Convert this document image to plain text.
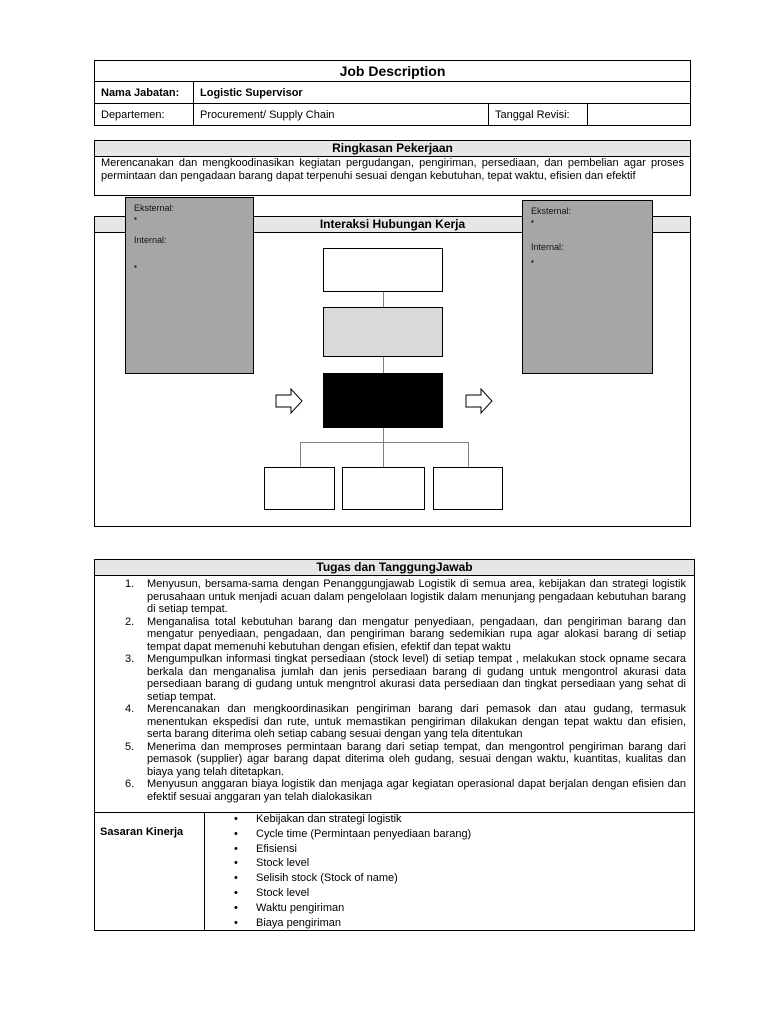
Job Description			
Nama Jabatan:	Logistic Supervisor		
Departemen:	Procurement/ Supply Chain	Tanggal Revisi:	
Ringkasan Pekerjaan
Merencanakan dan mengkoodinasikan kegiatan pergudangan, pengiriman, persediaan, dan pembelian agar proses permintaan dan pengadaan barang dapat terpenuhi sesuai dengan kebutuhan, tepat waktu, efisien dan efektif
Interaksi Hubungan Kerja
Eksternal:
▪
Internal:
▪
Eksternal:
▪
Internal:
▪
Tugas dan TanggungJawab
1. Menyusun, bersama-sama dengan Penanggungjawab Logistik di semua area, kebijakan dan strategi logistik perusahaan untuk menjadi acuan dalam pengelolaan logistik dalam menunjang pengadaan kebutuhan barang di setiap tempat.
2. Menganalisa total kebutuhan barang dan mengatur penyediaan, pengadaan, dan pengiriman barang dan mengatur penyediaan, pengadaan, dan pengiriman barang sedemikian rupa agar alokasi barang di setiap tempat dapat memenuhi kebutuhan dengan efisien, efektif dan tepat waktu
3. Mengumpulkan informasi tingkat persediaan (stock level) di setiap tempat , melakukan stock opname secara berkala dan menganalisa jumlah dan jenis persediaan barang di gudang untuk mengontrol akurasi data persediaan barang di gudang untuk mengntrol akurasi data persediaan dan tingkat persediaan yang sehat di setiap tempat.
4. Merencanakan dan mengkoordinasikan pengiriman barang dari pemasok dan atau gudang, termasuk menentukan ekspedisi dan rute, untuk memastikan pengiriman dilakukan dengan tepat waktu dan efisien, serta barang diterima oleh setiap cabang sesuai dengan yang tela ditentukan
5. Menerima dan memproses permintaan barang dari setiap tempat, dan mengontrol pengiriman barang dari pemasok (supplier) agar barang dapat diterima oleh gudang, sesuai dengan waktu, kuantitas, kualitas dan biaya yang telah ditetapkan.
6. Menyusun anggaran biaya logistik dan menjaga agar kegiatan operasional dapat berjalan dengan efisien dan efektif sesuai anggaran yan telah dialokasikan
Sasaran Kinerja
• Kebijakan dan strategi logistik
• Cycle time (Permintaan penyediaan barang)
• Efisiensi
• Stock level
• Selisih stock (Stock of name)
• Stock level
• Waktu pengiriman
• Biaya pengiriman
